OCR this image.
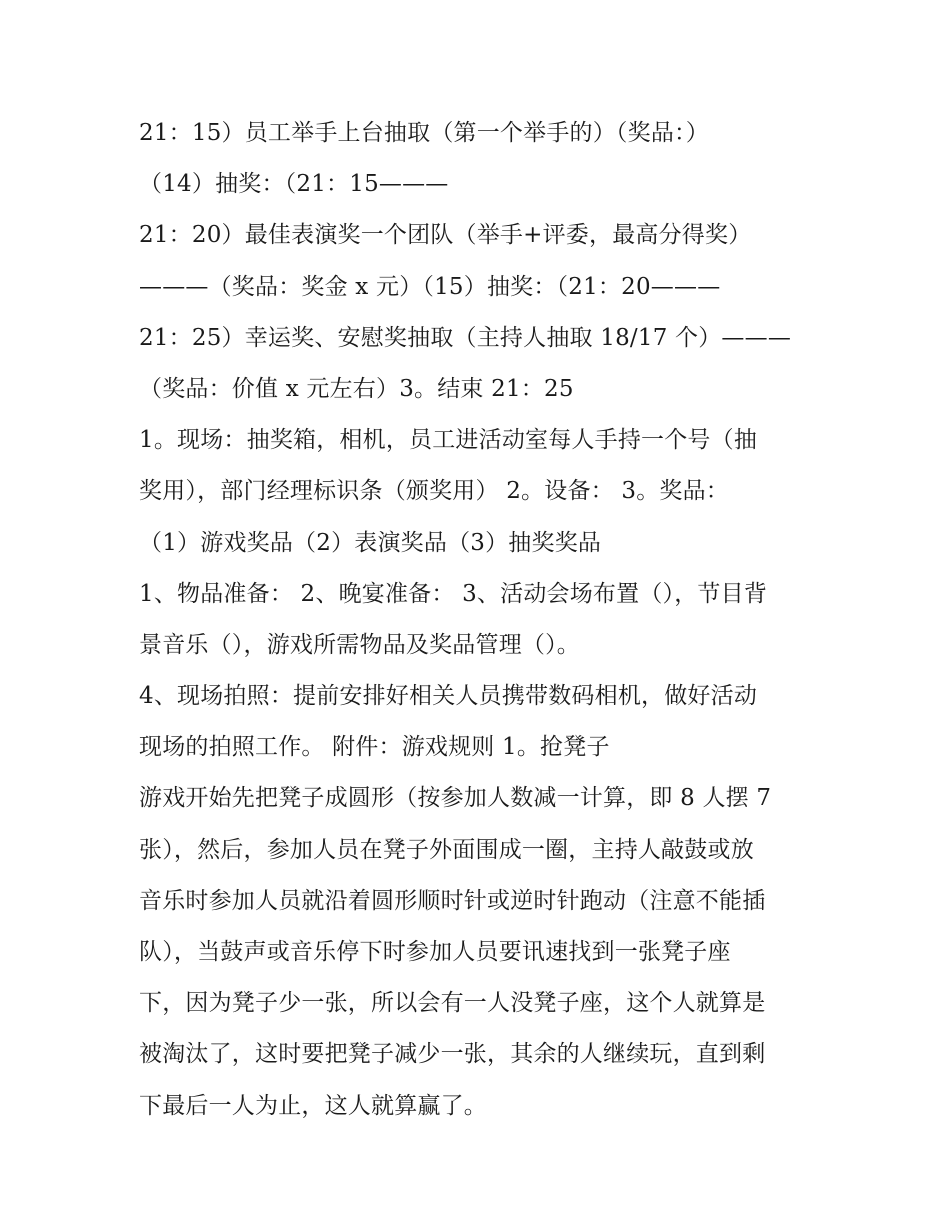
21：15）员工举手上台抽取（第一个举手的）（奖品：）
（14）抽奖：（21：15———
21：20）最佳表演奖一个团队（举手+评委，最高分得奖）
———（奖品：奖金 x 元）（15）抽奖：（21：20———
21：25）幸运奖、安慰奖抽取（主持人抽取 18/17 个）———
（奖品：价值 x 元左右）3。结束 21：25
1。现场：抽奖箱，相机，员工进活动室每人手持一个号（抽
奖用），部门经理标识条（颁奖用） 2。设备： 3。奖品：
（1）游戏奖品（2）表演奖品（3）抽奖奖品
1、物品准备： 2、晚宴准备： 3、活动会场布置（），节目背
景音乐（），游戏所需物品及奖品管理（）。
4、现场拍照：提前安排好相关人员携带数码相机，做好活动
现场的拍照工作。 附件：游戏规则 1。抢凳子
游戏开始先把凳子成圆形（按参加人数减一计算，即 8 人摆 7
张），然后，参加人员在凳子外面围成一圈，主持人敲鼓或放
音乐时参加人员就沿着圆形顺时针或逆时针跑动（注意不能插
队），当鼓声或音乐停下时参加人员要讯速找到一张凳子座
下，因为凳子少一张，所以会有一人没凳子座，这个人就算是
被淘汰了，这时要把凳子减少一张，其余的人继续玩，直到剩
下最后一人为止，这人就算赢了。
